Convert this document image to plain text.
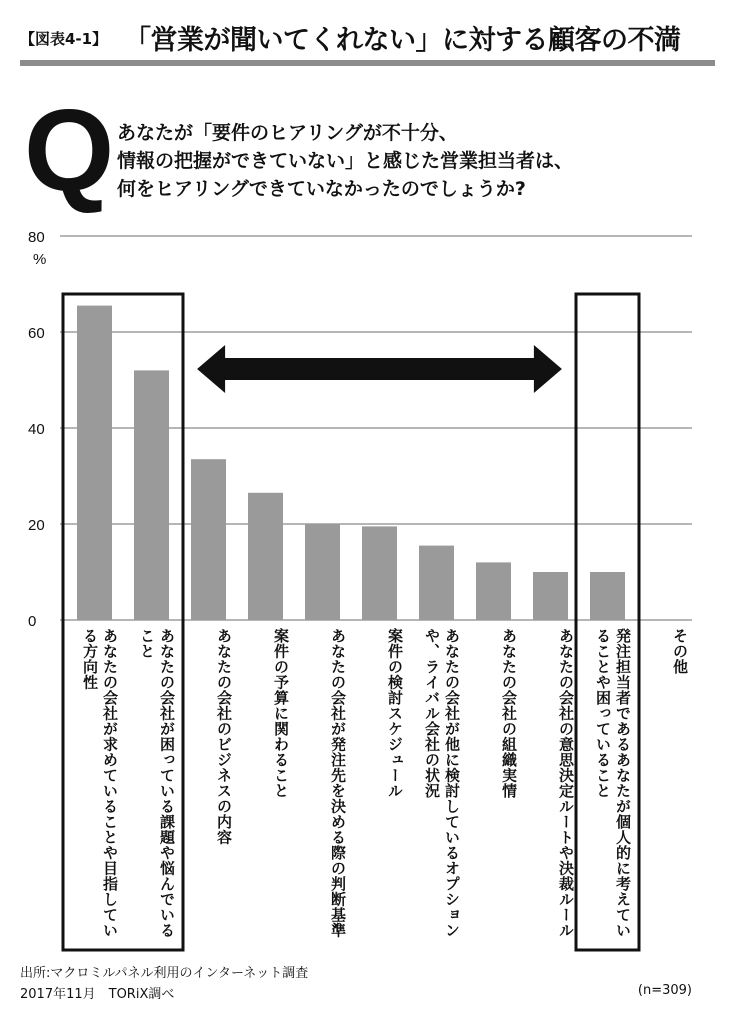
【図表4-1】 「営業が聞いてくれない」に対する顧客の不満
Q あなたが「要件のヒアリングが不十分、
情報の把握ができていない」と感じた営業担当者は、
何をヒアリングできていなかったのでしょうか?
0
20
40
60
80
%
あなたの会社が求めていることや目指している方向性	あなたの会社が困っている課題や悩んでいること	あなたの会社のビジネスの内容	案件の予算に関わること	あなたの会社が発注先を決める際の判断基準	案件の検討スケジュール	あなたの会社が他に検討しているオプションや、ライバル会社の状況	あなたの会社の組織実情	あなたの会社の意思決定ルートや決裁ルール	発注担当者であるあなたが個人的に考えていることや困っていること	その他
出所:マクロミルパネル利用のインターネット調査
2017年11月　TORiX調べ	(n=309)
